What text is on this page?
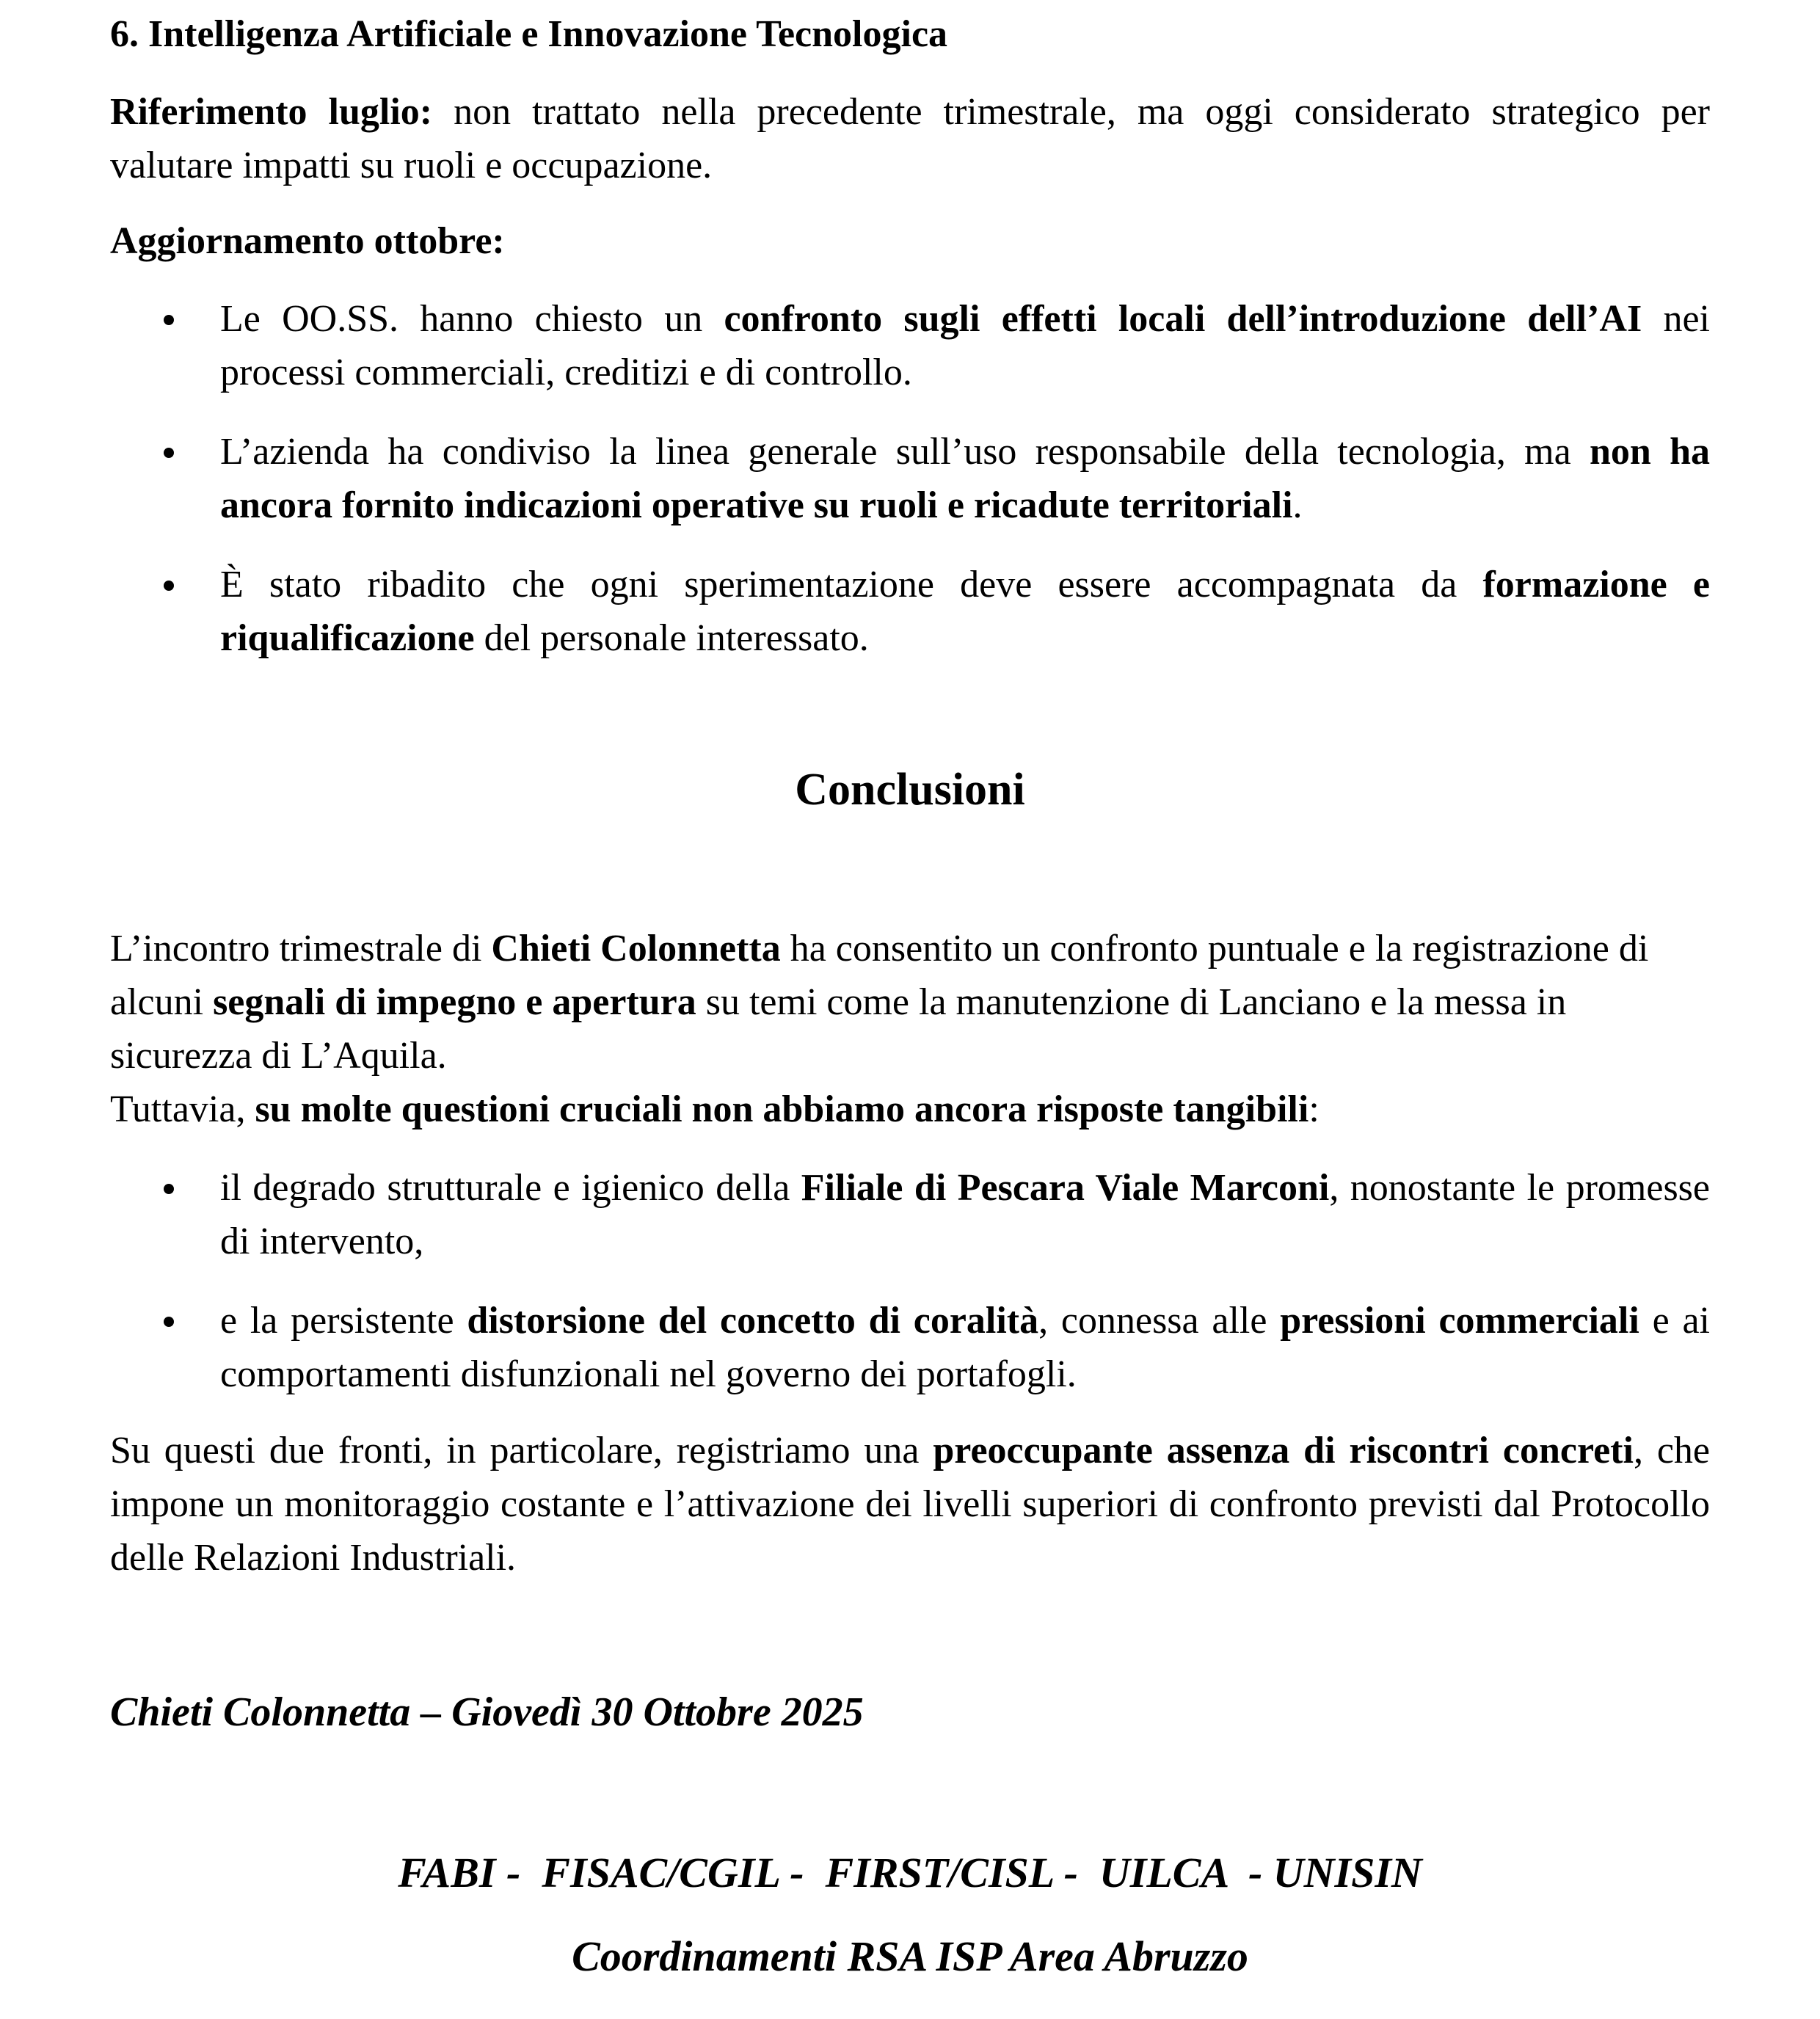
6. Intelligenza Artificiale e Innovazione Tecnologica

Riferimento luglio: non trattato nella precedente trimestrale, ma oggi considerato strategico per valutare impatti su ruoli e occupazione.

Aggiornamento ottobre:
Le OO.SS. hanno chiesto un confronto sugli effetti locali dell’introduzione dell’AI nei processi commerciali, creditizi e di controllo.
L’azienda ha condiviso la linea generale sull’uso responsabile della tecnologia, ma non ha ancora fornito indicazioni operative su ruoli e ricadute territoriali.
È stato ribadito che ogni sperimentazione deve essere accompagnata da formazione e riqualificazione del personale interessato.
Conclusioni

L’incontro trimestrale di Chieti Colonnetta ha consentito un confronto puntuale e la registrazione di alcuni segnali di impegno e apertura su temi come la manutenzione di Lanciano e la messa in sicurezza di L’Aquila.
Tuttavia, su molte questioni cruciali non abbiamo ancora risposte tangibili:

il degrado strutturale e igienico della Filiale di Pescara Viale Marconi, nonostante le promesse di intervento,
e la persistente distorsione del concetto di coralità, connessa alle pressioni commerciali e ai comportamenti disfunzionali nel governo dei portafogli.

Su questi due fronti, in particolare, registriamo una preoccupante assenza di riscontri concreti, che impone un monitoraggio costante e l’attivazione dei livelli superiori di confronto previsti dal Protocollo delle Relazioni Industriali.

Chieti Colonnetta – Giovedì 30 Ottobre 2025
FABI -  FISAC/CGIL -  FIRST/CISL -  UILCA  - UNISIN
Coordinamenti RSA ISP Area Abruzzo
